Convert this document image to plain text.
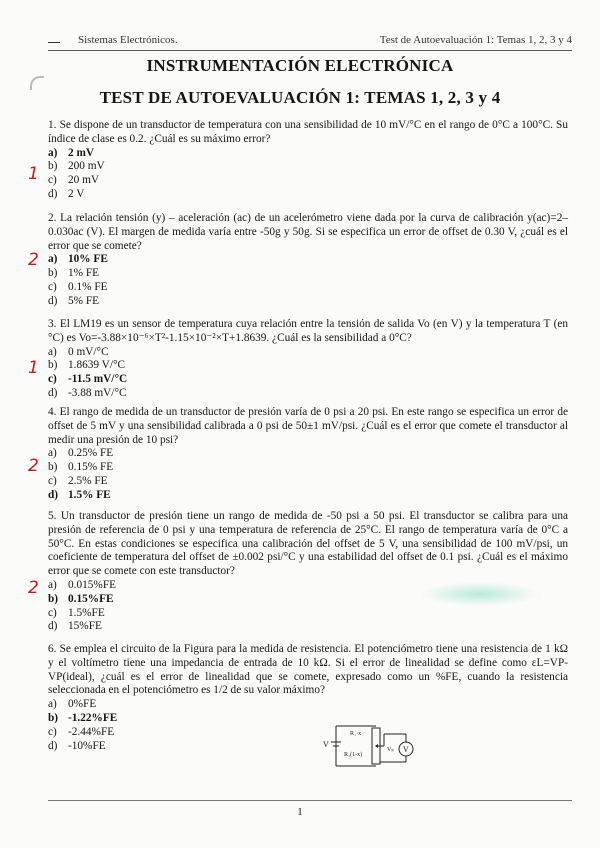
Sistemas Electrónicos.	Test de Autoevaluación 1: Temas 1, 2, 3 y 4
INSTRUMENTACIÓN ELECTRÓNICA
TEST DE AUTOEVALUACIÓN 1: TEMAS 1, 2, 3 y 4
1. Se dispone de un transductor de temperatura con una sensibilidad de 10 mV/°C en el rango de 0°C a 100°C. Su índice de clase es 0.2. ¿Cuál es su máximo error?
a) 2 mV
b) 200 mV
c) 20 mV
d) 2 V
1
2. La relación tensión (y) – aceleración (ac) de un acelerómetro viene dada por la curva de calibración y(ac)=2–0.030ac (V). El margen de medida varía entre -50g y 50g. Si se especifica un error de offset de 0.30 V, ¿cuál es el error que se comete?
a) 10% FE
b) 1% FE
c) 0.1% FE
d) 5% FE
2
3. El LM19 es un sensor de temperatura cuya relación entre la tensión de salida Vo (en V) y la temperatura T (en °C) es Vo=-3.88×10⁻⁶×T²-1.15×10⁻²×T+1.8639. ¿Cuál es la sensibilidad a 0°C?
a) 0 mV/°C
b) 1.8639 V/°C
c) -11.5 mV/°C
d) -3.88 mV/°C
1
4. El rango de medida de un transductor de presión varía de 0 psi a 20 psi. En este rango se especifica un error de offset de 5 mV y una sensibilidad calibrada a 0 psi de 50±1 mV/psi. ¿Cuál es el error que comete el transductor al medir una presión de 10 psi?
a) 0.25% FE
b) 0.15% FE
c) 2.5% FE
d) 1.5% FE
2
5. Un transductor de presión tiene un rango de medida de -50 psi a 50 psi. El transductor se calibra para una presión de referencia de 0 psi y una temperatura de referencia de 25°C. El rango de temperatura varía de 0°C a 50°C. En estas condiciones se especifica una calibración del offset de 5 V, una sensibilidad de 100 mV/psi, un coeficiente de temperatura del offset de ±0.002 psi/°C y una estabilidad del offset de 0.1 psi. ¿Cuál es el máximo error que se comete con este transductor?
a) 0.015%FE
b) 0.15%FE
c) 1.5%FE
d) 15%FE
2
6. Se emplea el circuito de la Figura para la medida de resistencia. El potenciómetro tiene una resistencia de 1 kΩ y el voltímetro tiene una impedancia de entrada de 10 kΩ. Si el error de linealidad se define como εL=VP-VP(ideal), ¿cuál es el error de linealidad que se comete, expresado como un %FE, cuando la resistencia seleccionada en el potenciómetro es 1/2 de su valor máximo?
a) 0%FE
b) -1.22%FE
c) -2.44%FE
d) -10%FE	V
R₁·x
R₁(1-x)
V
Vₚ
1
